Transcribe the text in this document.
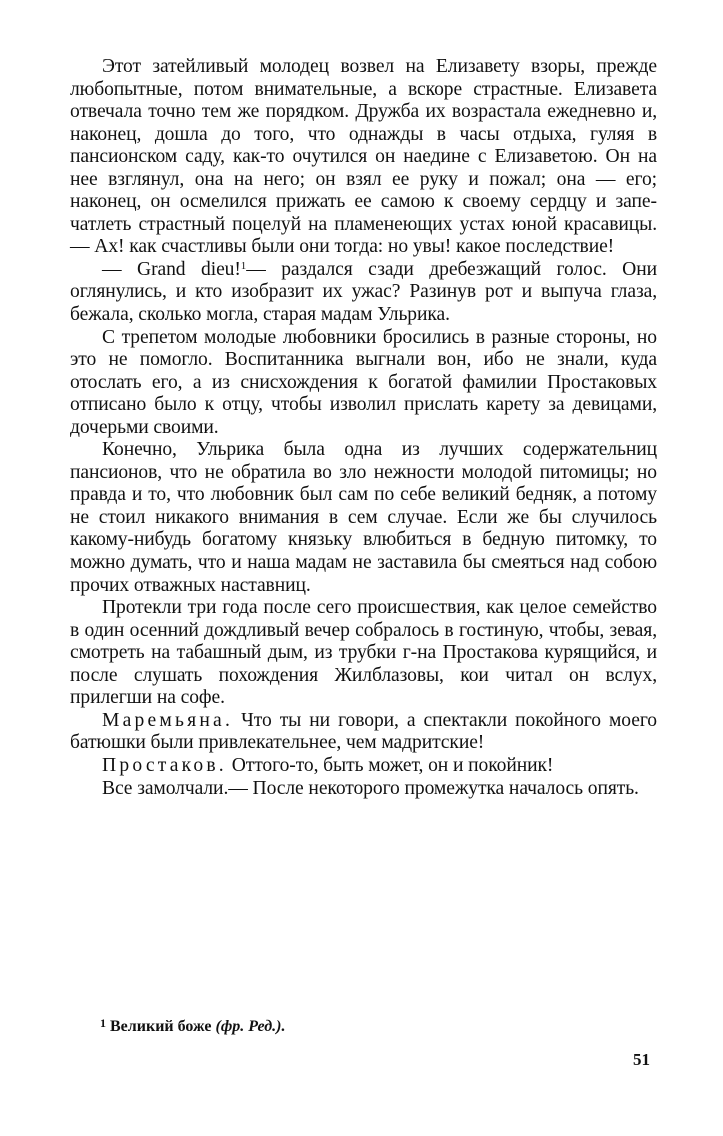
Этот затейливый молодец возвел на Елизавету взоры, прежде любопытные, потом внимательные, а вскоре страстные. Елизавета отвечала точно тем же порядком. Дружба их возрастала ежедневно и, наконец, дошла до того, что однажды в часы отдыха, гуляя в пансионском саду, как-то очутился он наедине с Елизаветою. Он на нее взглянул, она на него; он взял ее руку и пожал; она — его; наконец, он осмелился прижать ее самою к своему сердцу и запечатлеть страстный поцелуй на пламенеющих устах юной красавицы.— Ах! как счастливы были они тогда: но увы! какое последствие!

— Grand dieu!$^1$— раздался сзади дребезжащий голос. Они оглянулись, и кто изобразит их ужас? Разинув рот и выпуча глаза, бежала, сколько могла, старая мадам Ульрика.

С трепетом молодые любовники бросились в разные стороны, но это не помогло. Воспитанника выгнали вон, ибо не знали, куда отослать его, а из снисхождения к богатой фамилии Простаковых отписано было к отцу, чтобы изволил прислать карету за девицами, дочерьми своими.

Конечно, Ульрика была одна из лучших содержательниц пансионов, что не обратила во зло нежности молодой питомицы; но правда и то, что любовник был сам по себе великий бедняк, а потому не стоил никакого внимания в сем случае. Если же бы случилось какому-нибудь богатому князьку влюбиться в бедную питомку, то можно думать, что и наша мадам не заставила бы смеяться над собою прочих отважных наставниц.

Протекли три года после сего происшествия, как целое семейство в один осенний дождливый вечер собралось в гостиную, чтобы, зевая, смотреть на табашный дым, из трубки г-на Простакова курящийся, и после слушать похождения Жилблазовы, кои читал он вслух, прилегши на софе.

Маремьяна. Что ты ни говори, а спектакли покойного моего батюшки были привлекательнее, чем мадритские!

Простаков. Оттого-то, быть может, он и покойник!

Все замолчали.— После некоторого промежутка началось опять.

$^1$ Великий боже (фр. Ред.).

51
